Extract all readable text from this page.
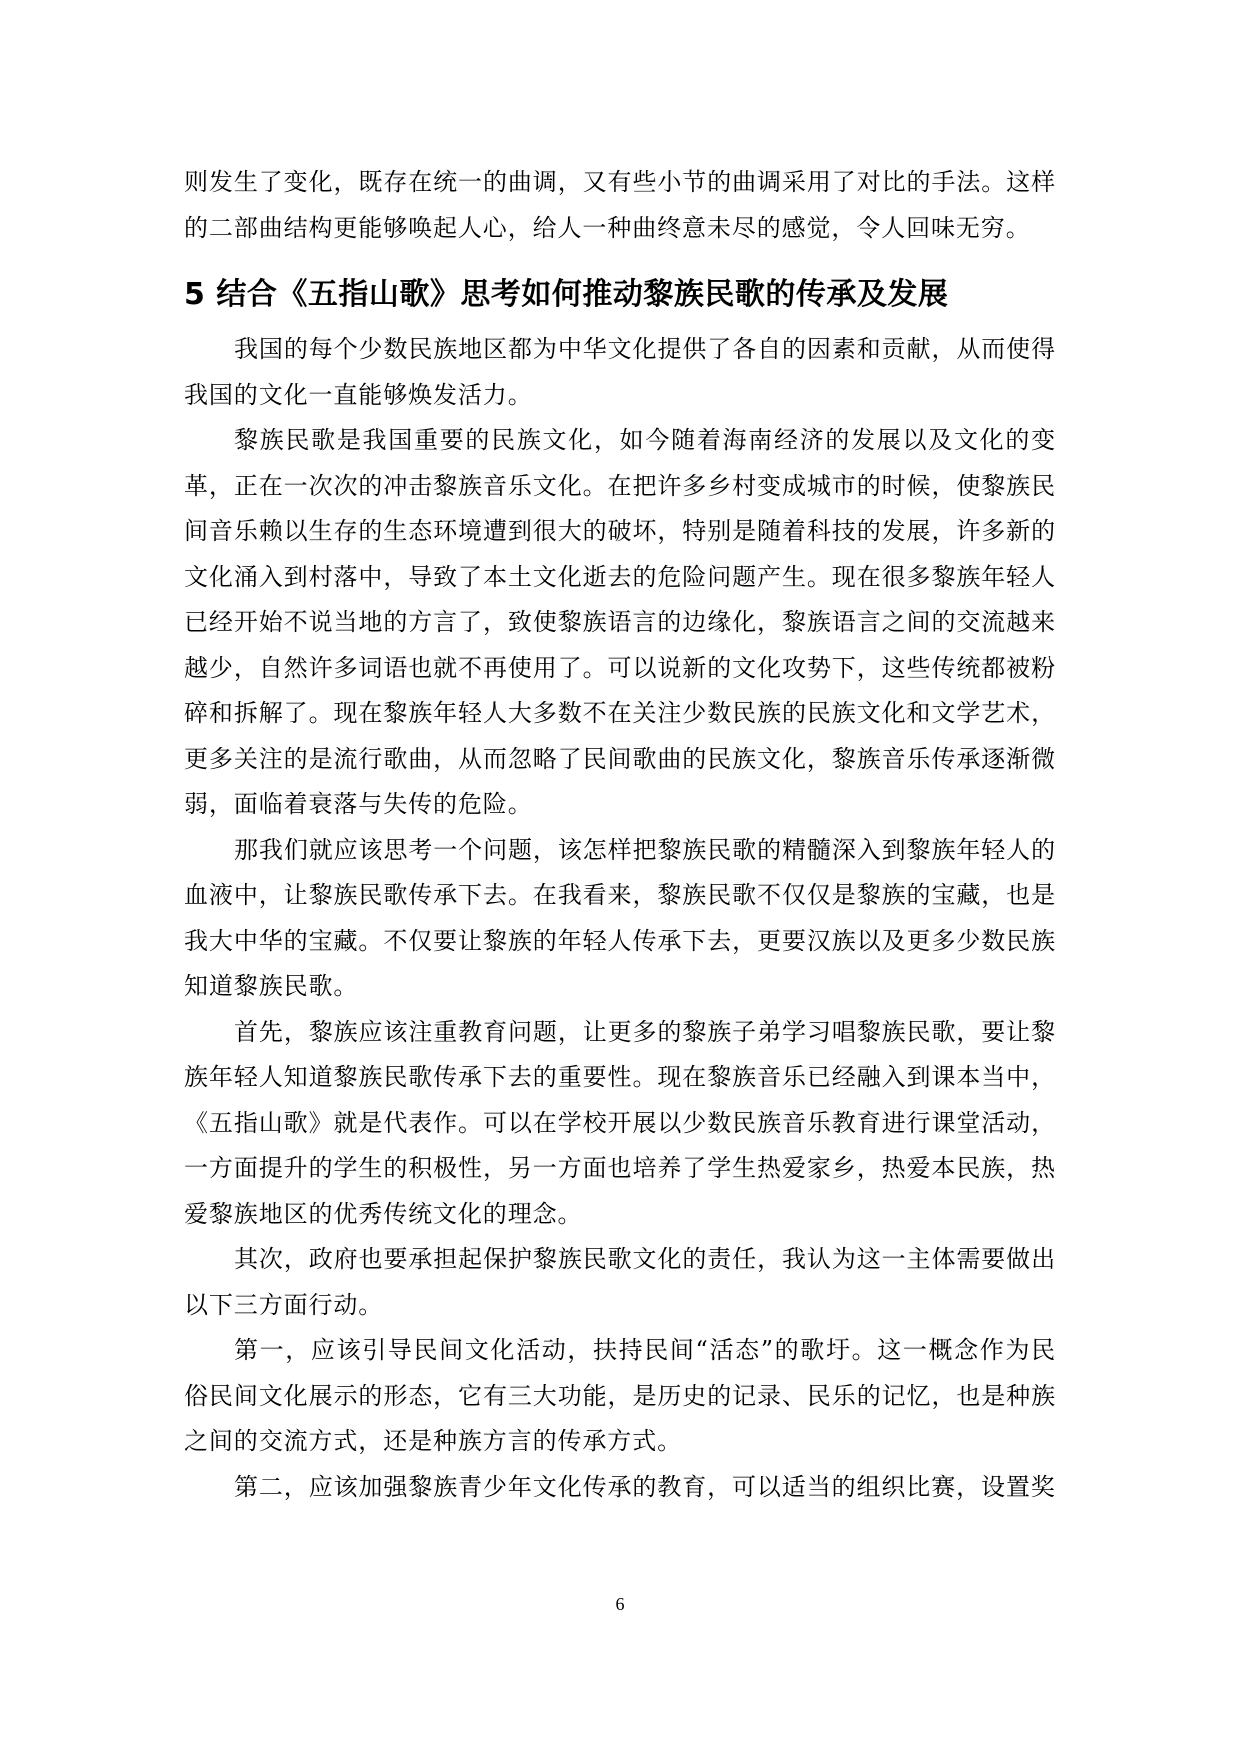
则发生了变化，既存在统一的曲调，又有些小节的曲调采用了对比的手法。这样的二部曲结构更能够唤起人心，给人一种曲终意未尽的感觉，令人回味无穷。

5 结合《五指山歌》思考如何推动黎族民歌的传承及发展

我国的每个少数民族地区都为中华文化提供了各自的因素和贡献，从而使得我国的文化一直能够焕发活力。

黎族民歌是我国重要的民族文化，如今随着海南经济的发展以及文化的变革，正在一次次的冲击黎族音乐文化。在把许多乡村变成城市的时候，使黎族民间音乐赖以生存的生态环境遭到很大的破坏，特别是随着科技的发展，许多新的文化涌入到村落中，导致了本土文化逝去的危险问题产生。现在很多黎族年轻人已经开始不说当地的方言了，致使黎族语言的边缘化，黎族语言之间的交流越来越少，自然许多词语也就不再使用了。可以说新的文化攻势下，这些传统都被粉碎和拆解了。现在黎族年轻人大多数不在关注少数民族的民族文化和文学艺术，更多关注的是流行歌曲，从而忽略了民间歌曲的民族文化，黎族音乐传承逐渐微弱，面临着衰落与失传的危险。

那我们就应该思考一个问题，该怎样把黎族民歌的精髓深入到黎族年轻人的血液中，让黎族民歌传承下去。在我看来，黎族民歌不仅仅是黎族的宝藏，也是我大中华的宝藏。不仅要让黎族的年轻人传承下去，更要汉族以及更多少数民族知道黎族民歌。

首先，黎族应该注重教育问题，让更多的黎族子弟学习唱黎族民歌，要让黎族年轻人知道黎族民歌传承下去的重要性。现在黎族音乐已经融入到课本当中，《五指山歌》就是代表作。可以在学校开展以少数民族音乐教育进行课堂活动，一方面提升的学生的积极性，另一方面也培养了学生热爱家乡，热爱本民族，热爱黎族地区的优秀传统文化的理念。

其次，政府也要承担起保护黎族民歌文化的责任，我认为这一主体需要做出以下三方面行动。

第一，应该引导民间文化活动，扶持民间“活态”的歌圩。这一概念作为民俗民间文化展示的形态，它有三大功能，是历史的记录、民乐的记忆，也是种族之间的交流方式，还是种族方言的传承方式。

第二，应该加强黎族青少年文化传承的教育，可以适当的组织比赛，设置奖

6
